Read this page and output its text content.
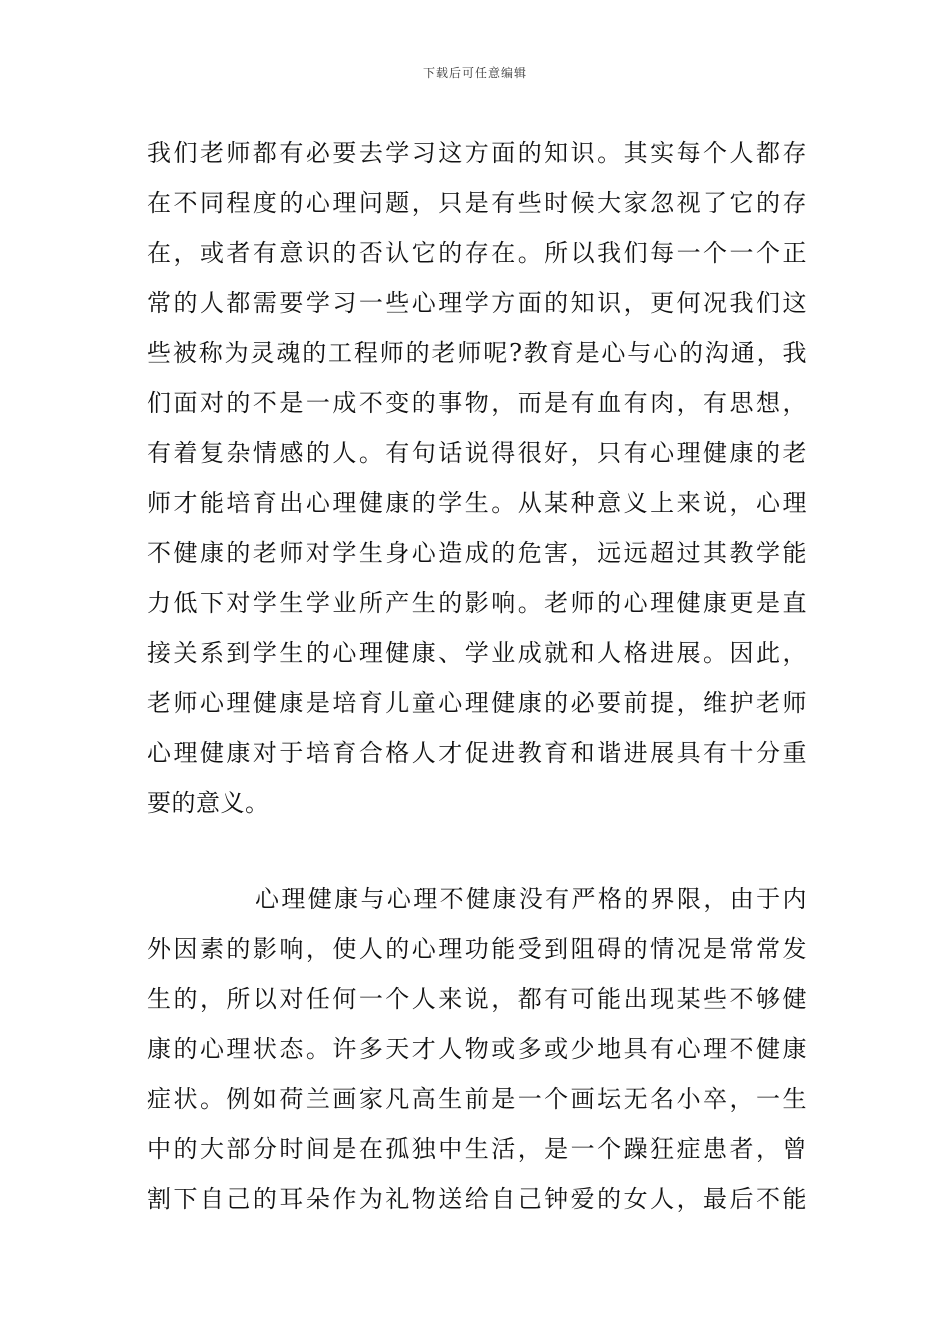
下载后可任意编辑
我们老师都有必要去学习这方面的知识。其实每个人都存
在不同程度的心理问题，只是有些时候大家忽视了它的存
在，或者有意识的否认它的存在。所以我们每一个一个正
常的人都需要学习一些心理学方面的知识，更何况我们这
些被称为灵魂的工程师的老师呢?教育是心与心的沟通，我
们面对的不是一成不变的事物，而是有血有肉，有思想，
有着复杂情感的人。有句话说得很好，只有心理健康的老
师才能培育出心理健康的学生。从某种意义上来说，心理
不健康的老师对学生身心造成的危害，远远超过其教学能
力低下对学生学业所产生的影响。老师的心理健康更是直
接关系到学生的心理健康、学业成就和人格进展。因此，
老师心理健康是培育儿童心理健康的必要前提，维护老师
心理健康对于培育合格人才促进教育和谐进展具有十分重
要的意义。
心理健康与心理不健康没有严格的界限，由于内
外因素的影响，使人的心理功能受到阻碍的情况是常常发
生的，所以对任何一个人来说，都有可能出现某些不够健
康的心理状态。许多天才人物或多或少地具有心理不健康
症状。例如荷兰画家凡高生前是一个画坛无名小卒，一生
中的大部分时间是在孤独中生活，是一个躁狂症患者，曾
割下自己的耳朵作为礼物送给自己钟爱的女人，最后不能
